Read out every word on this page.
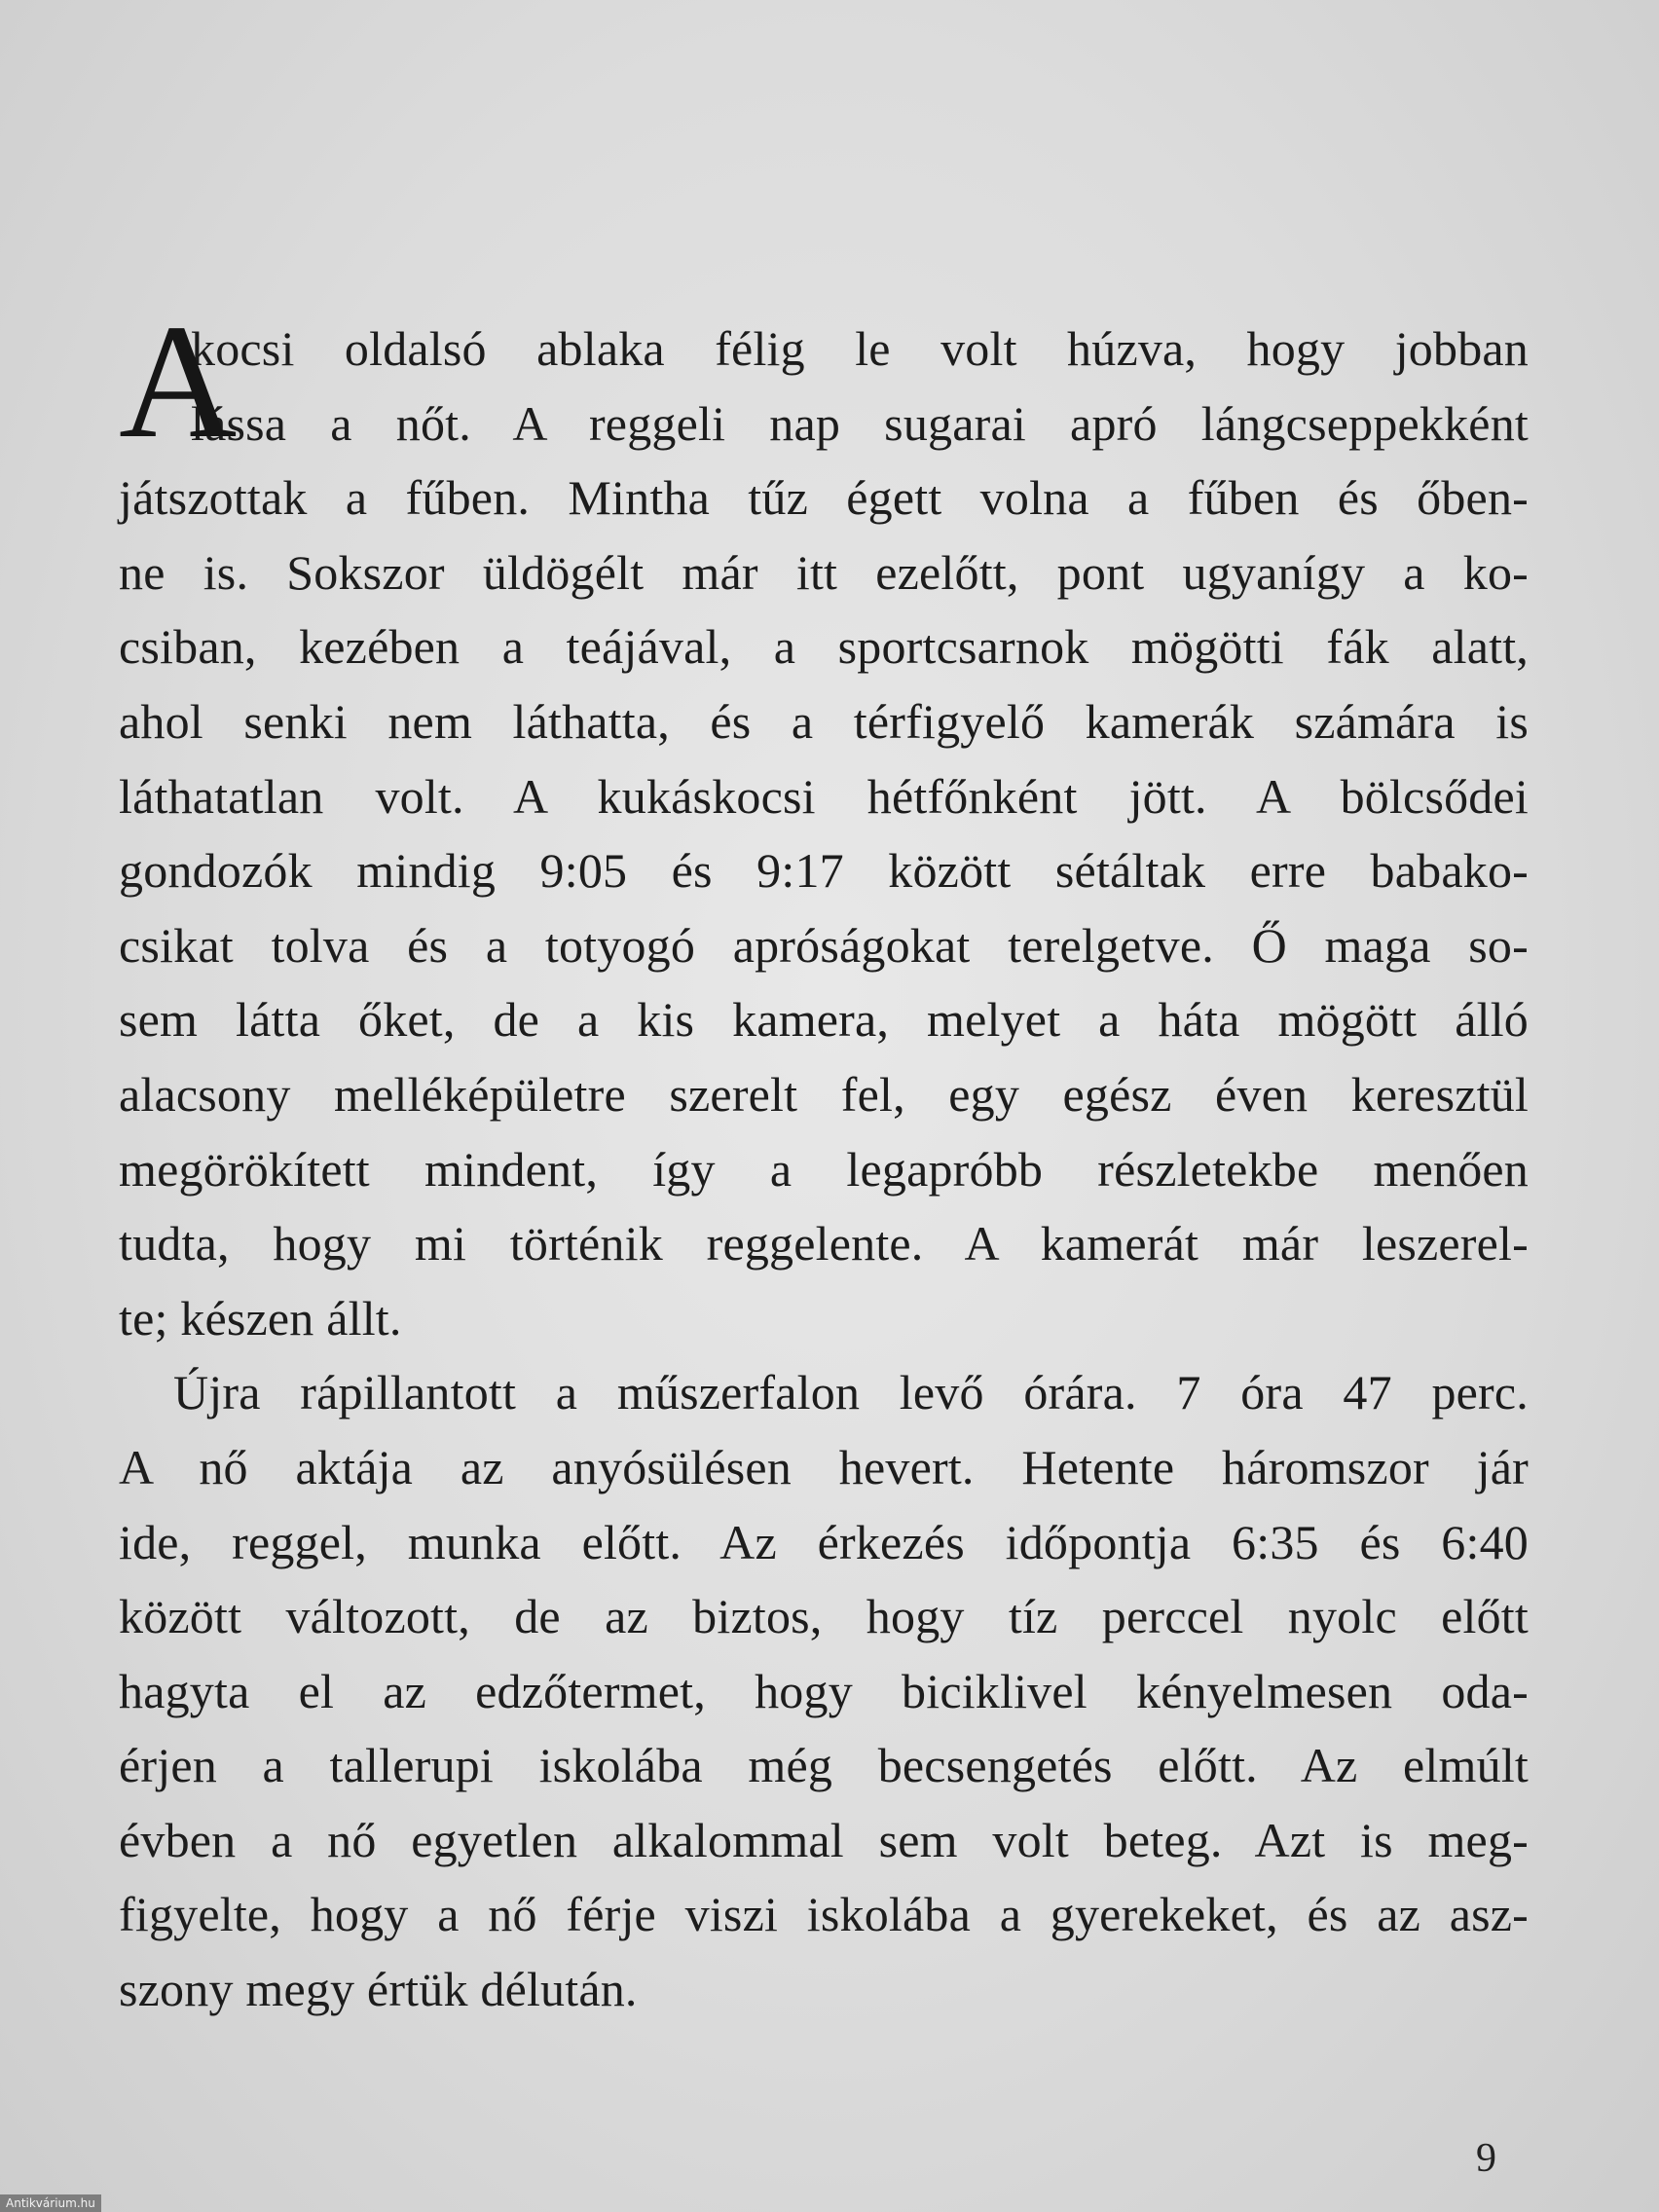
A
kocsi oldalsó ablaka félig le volt húzva, hogy jobban
lássa a nőt. A reggeli nap sugarai apró lángcseppekként
játszottak a fűben. Mintha tűz égett volna a fűben és őben-
ne is. Sokszor üldögélt már itt ezelőtt, pont ugyanígy a ko-
csiban, kezében a teájával, a sportcsarnok mögötti fák alatt,
ahol senki nem láthatta, és a térfigyelő kamerák számára is
láthatatlan volt. A kukáskocsi hétfőnként jött. A bölcsődei
gondozók mindig 9:05 és 9:17 között sétáltak erre babako-
csikat tolva és a totyogó apróságokat terelgetve. Ő maga so-
sem látta őket, de a kis kamera, melyet a háta mögött álló
alacsony melléképületre szerelt fel, egy egész éven keresztül
megörökített mindent, így a legapróbb részletekbe menően
tudta, hogy mi történik reggelente. A kamerát már leszerel-
te; készen állt.
Újra rápillantott a műszerfalon levő órára. 7 óra 47 perc.
A nő aktája az anyósülésen hevert. Hetente háromszor jár
ide, reggel, munka előtt. Az érkezés időpontja 6:35 és 6:40
között változott, de az biztos, hogy tíz perccel nyolc előtt
hagyta el az edzőtermet, hogy biciklivel kényelmesen oda-
érjen a tallerupi iskolába még becsengetés előtt. Az elmúlt
évben a nő egyetlen alkalommal sem volt beteg. Azt is meg-
figyelte, hogy a nő férje viszi iskolába a gyerekeket, és az asz-
szony megy értük délután.
9
Antikvárium.hu
